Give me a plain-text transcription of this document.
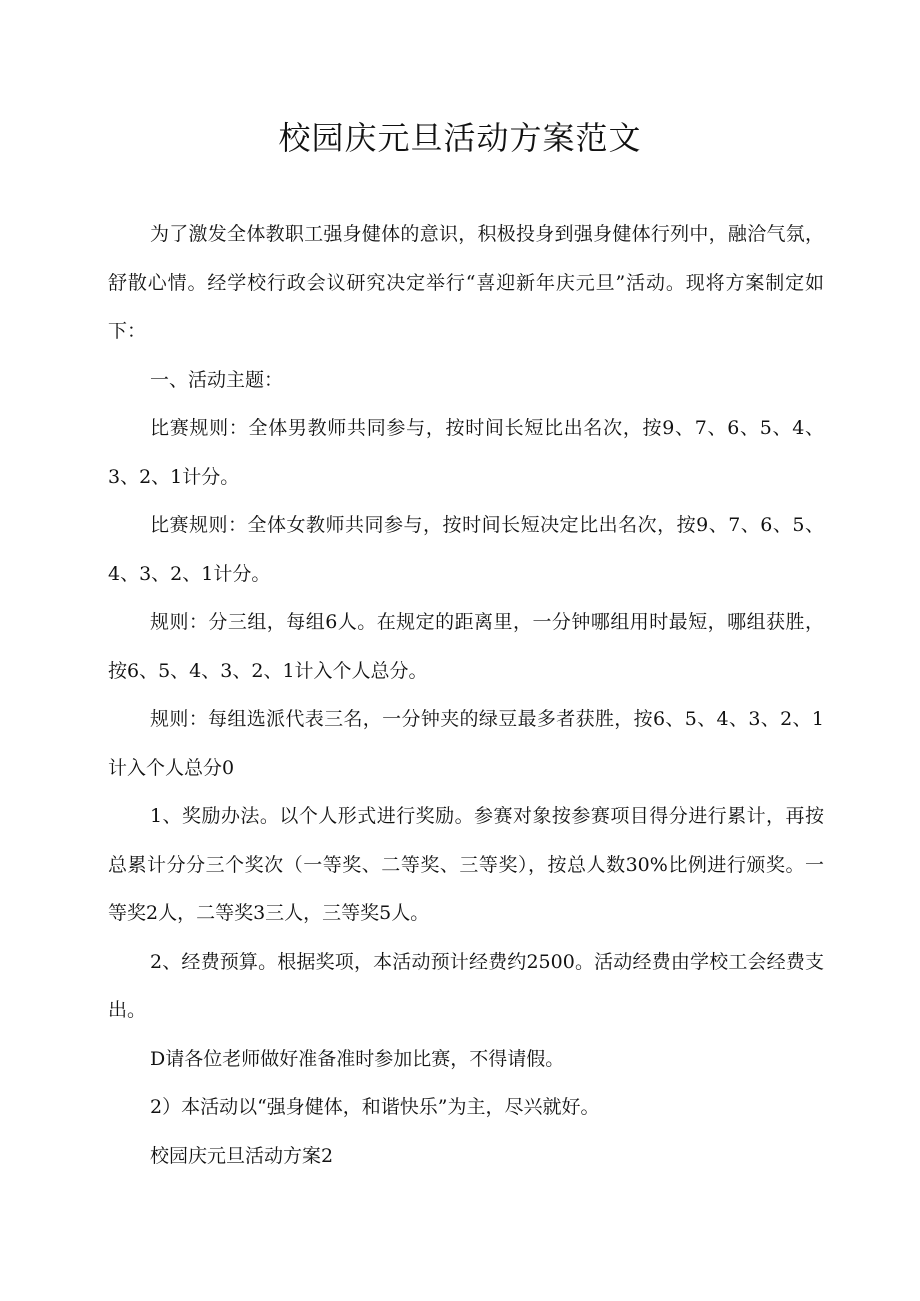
校园庆元旦活动方案范文

为了激发全体教职工强身健体的意识，积极投身到强身健体行列中，融洽气氛，舒散心情。经学校行政会议研究决定举行“喜迎新年庆元旦”活动。现将方案制定如下：

一、活动主题：

比赛规则：全体男教师共同参与，按时间长短比出名次，按9、7、6、5、4、3、2、1计分。

比赛规则：全体女教师共同参与，按时间长短决定比出名次，按9、7、6、5、4、3、2、1计分。

规则：分三组，每组6人。在规定的距离里，一分钟哪组用时最短，哪组获胜，按6、5、4、3、2、1计入个人总分。

规则：每组选派代表三名，一分钟夹的绿豆最多者获胜，按6、5、4、3、2、1计入个人总分0

1、奖励办法。以个人形式进行奖励。参赛对象按参赛项目得分进行累计，再按总累计分分三个奖次（一等奖、二等奖、三等奖），按总人数30%比例进行颁奖。一等奖2人，二等奖3三人，三等奖5人。

2、经费预算。根据奖项，本活动预计经费约2500。活动经费由学校工会经费支出。

D请各位老师做好准备准时参加比赛，不得请假。

2）本活动以“强身健体，和谐快乐”为主，尽兴就好。

校园庆元旦活动方案2
